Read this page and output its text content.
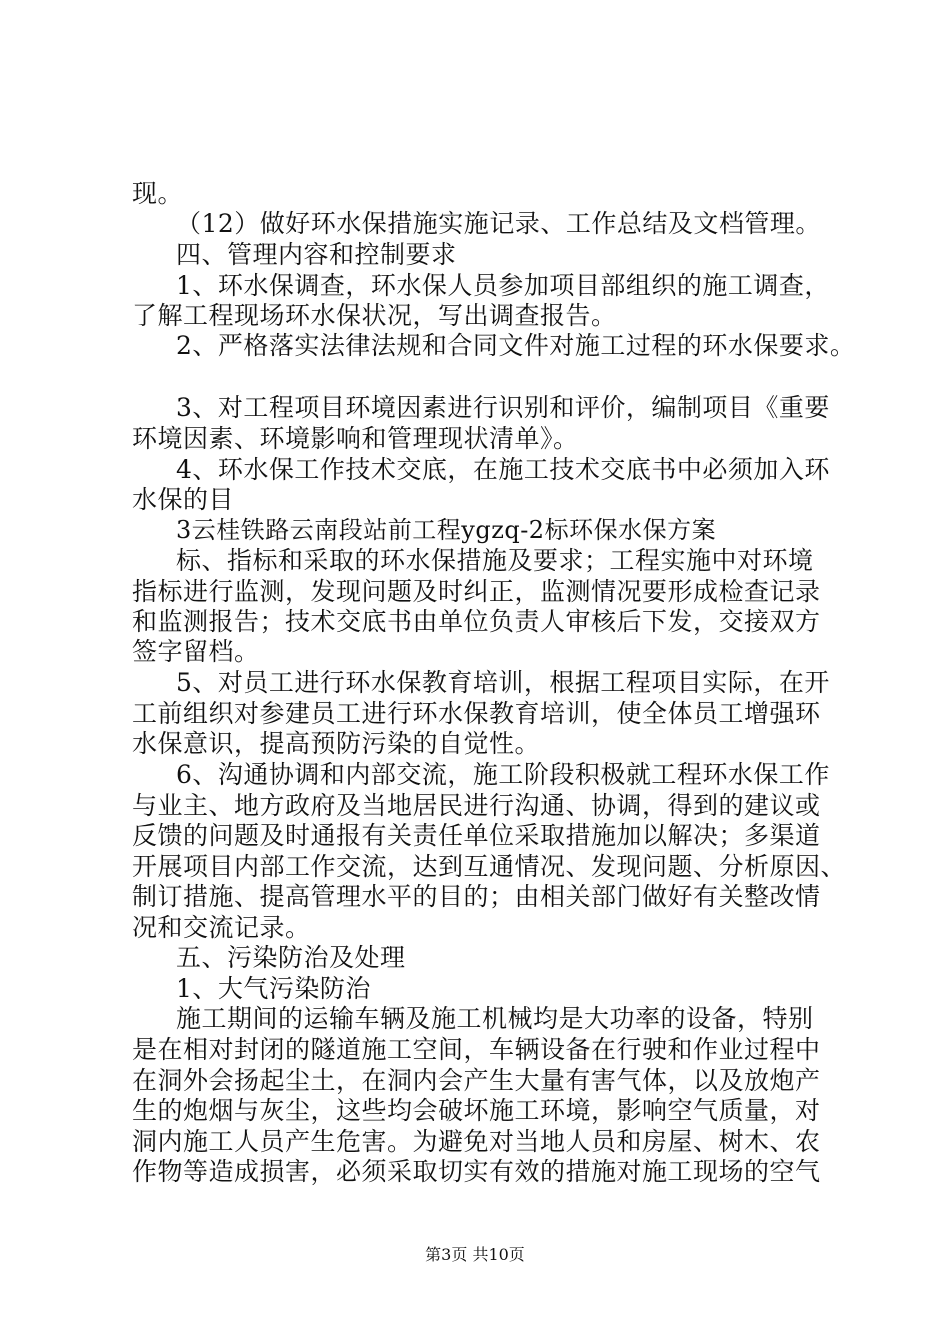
现。
（12）做好环水保措施实施记录、工作总结及文档管理。
四、管理内容和控制要求
1、环水保调查，环水保人员参加项目部组织的施工调查，
了解工程现场环水保状况，写出调查报告。
2、严格落实法律法规和合同文件对施工过程的环水保要求。
3、对工程项目环境因素进行识别和评价，编制项目《重要
环境因素、环境影响和管理现状清单》。
4、环水保工作技术交底，在施工技术交底书中必须加入环
水保的目
3云桂铁路云南段站前工程ygzq-2标环保水保方案
标、指标和采取的环水保措施及要求；工程实施中对环境
指标进行监测，发现问题及时纠正，监测情况要形成检查记录
和监测报告；技术交底书由单位负责人审核后下发，交接双方
签字留档。
5、对员工进行环水保教育培训，根据工程项目实际，在开
工前组织对参建员工进行环水保教育培训，使全体员工增强环
水保意识，提高预防污染的自觉性。
6、沟通协调和内部交流，施工阶段积极就工程环水保工作
与业主、地方政府及当地居民进行沟通、协调，得到的建议或
反馈的问题及时通报有关责任单位采取措施加以解决；多渠道
开展项目内部工作交流，达到互通情况、发现问题、分析原因、
制订措施、提高管理水平的目的；由相关部门做好有关整改情
况和交流记录。
五、污染防治及处理
1、大气污染防治
施工期间的运输车辆及施工机械均是大功率的设备，特别
是在相对封闭的隧道施工空间，车辆设备在行驶和作业过程中
在洞外会扬起尘土，在洞内会产生大量有害气体，以及放炮产
生的炮烟与灰尘，这些均会破坏施工环境，影响空气质量，对
洞内施工人员产生危害。为避免对当地人员和房屋、树木、农
作物等造成损害，必须采取切实有效的措施对施工现场的空气
第3页 共10页
